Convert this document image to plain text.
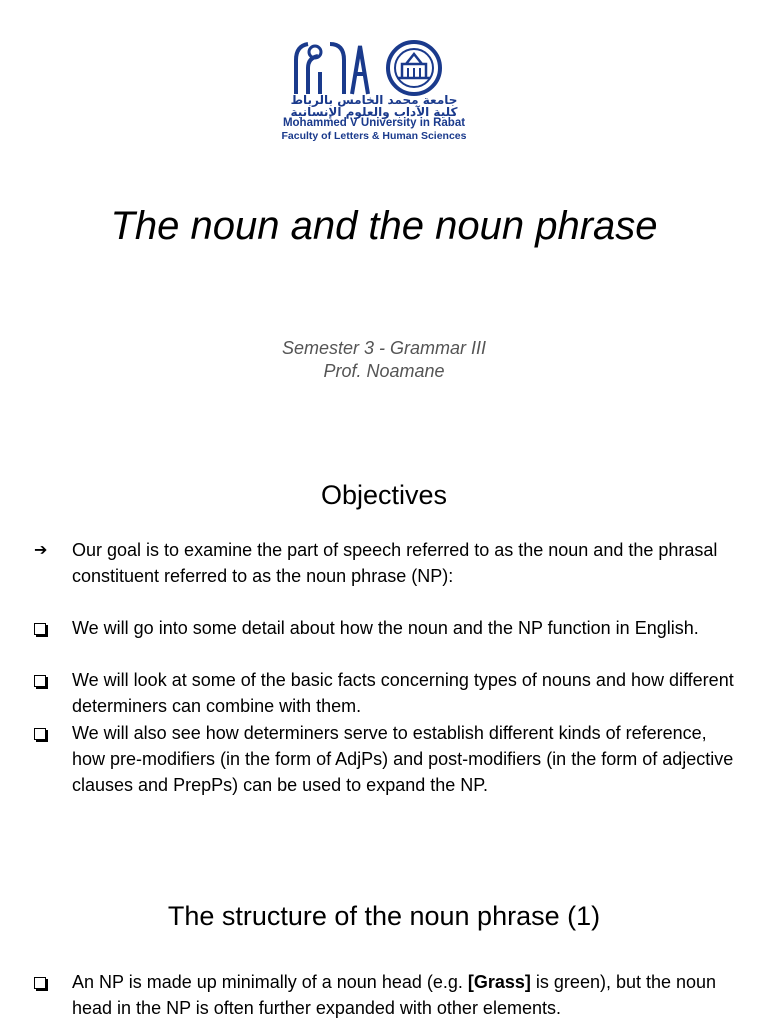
جامعة محمد الخامس بالرباط
كلية الآداب والعلوم الإنسانية
Mohammed V University in Rabat
Faculty of Letters & Human Sciences
The noun and the noun phrase
Semester 3 - Grammar III
Prof. Noamane
Objectives
➔	Our goal is to examine the part of speech referred to as the noun and the phrasal constituent referred to as the noun phrase (NP):
We will go into some detail about how the noun and the NP function in English.
We will look at some of the basic facts concerning types of nouns and how different determiners can combine with them.
We will also see how determiners serve to establish different kinds of reference, how pre-modifiers (in the form of AdjPs) and post-modifiers (in the form of adjective clauses and PrepPs) can be used to expand the NP.
The structure of the noun phrase (1)
An NP is made up minimally of a noun head (e.g. [Grass] is green), but the noun head in the NP is often further expanded with other elements.
